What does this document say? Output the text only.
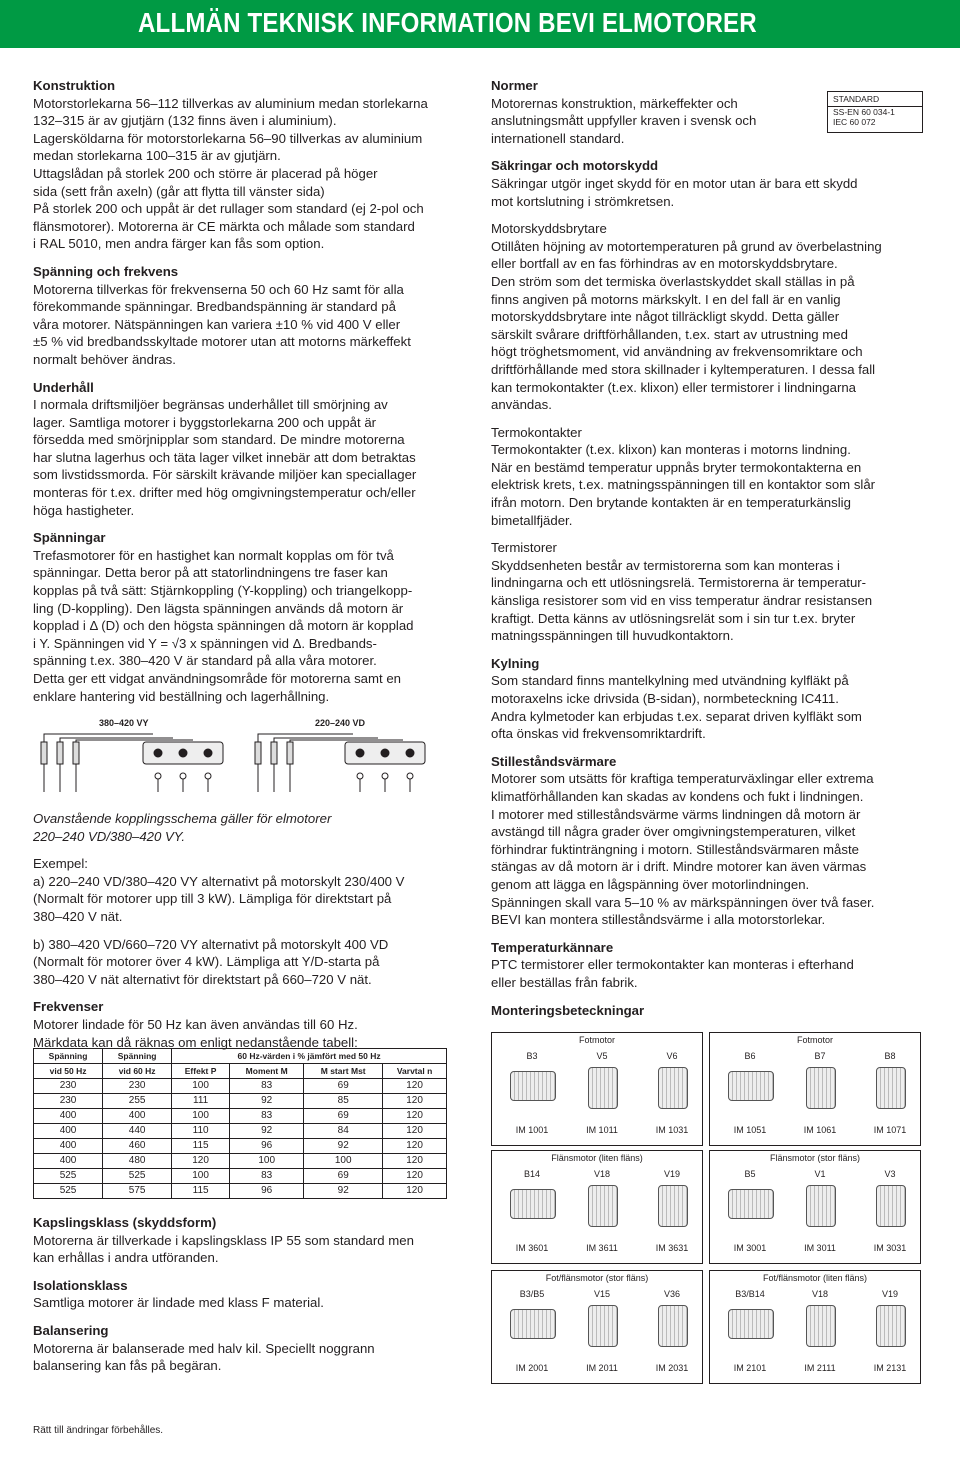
ALLMÄN TEKNISK INFORMATION BEVI ELMOTORER
Konstruktion
Motorstorlekarna 56–112 tillverkas av aluminium medan storlekarna
132–315 är av gjutjärn (132 finns även i aluminium).
Lagersköldarna för motorstorlekarna 56–90 tillverkas av aluminium
medan storlekarna 100–315 är av gjutjärn.
Uttagslådan på storlek 200 och större är placerad på höger
sida (sett från axeln) (går att flytta till vänster sida)
På storlek 200 och uppåt är det rullager som standard (ej 2-pol och
flänsmotorer). Motorerna är CE märkta och målade som standard
i RAL 5010, men andra färger kan fås som option.
Spänning och frekvens
Motorerna tillverkas för frekvenserna 50 och 60 Hz samt för alla
förekommande spänningar. Bredbandspänning är standard på
våra motorer. Nätspänningen kan variera ±10 % vid 400 V eller
±5 % vid bredbandsskyltade motorer utan att motorns märkeffekt
normalt behöver ändras.
Underhåll
I normala driftsmiljöer begränsas underhållet till smörjning av
lager. Samtliga motorer i byggstorlekarna 200 och uppåt är
försedda med smörjnipplar som standard. De mindre motorerna
har slutna lagerhus och täta lager vilket innebär att dom betraktas
som livstidssmorda. För särskilt krävande miljöer kan speciallager
monteras för t.ex. drifter med hög omgivningstemperatur och/eller
höga hastigheter.
Spänningar
Trefasmotorer för en hastighet kan normalt kopplas om för två
spänningar. Detta beror på att statorlindningens tre faser kan
kopplas på två sätt: Stjärnkoppling (Y-koppling) och triangelkopp-
ling (D-koppling). Den lägsta spänningen används då motorn är
kopplad i Δ (D) och den högsta spänningen då motorn är kopplad
i Y. Spänningen vid Y = √3 x spänningen vid Δ. Bredbands-
spänning t.ex. 380–420 V är standard på alla våra motorer.
Detta ger ett vidgat användningsområde för motorerna samt en
enklare hantering vid beställning och lagerhållning.
380–420 VY	220–240 VD
Ovanstående kopplingsschema gäller för elmotorer
220–240 VD/380–420 VY.
Exempel:
a) 220–240 VD/380–420 VY alternativt på motorskylt 230/400 V
(Normalt för motorer upp till 3 kW). Lämpliga för direktstart på
380–420 V nät.
b) 380–420 VD/660–720 VY alternativt på motorskylt 400 VD
(Normalt för motorer över 4 kW). Lämpliga att Y/D-starta på
380–420 V nät alternativt för direktstart på 660–720 V nät.
Frekvenser
Motorer lindade för 50 Hz kan även användas till 60 Hz.
Märkdata kan då räknas om enligt nedanstående tabell:
Spänning	Spänning	60 Hz-värden i % jämfört med 50 Hz			
vid 50 Hz	vid 60 Hz	Effekt P	Moment M	M start Mst	Varvtal n
230	230	100	83	69	120
230	255	111	92	85	120
400	400	100	83	69	120
400	440	110	92	84	120
400	460	115	96	92	120
400	480	120	100	100	120
525	525	100	83	69	120
525	575	115	96	92	120
Kapslingsklass (skyddsform)
Motorerna är tillverkade i kapslingsklass IP 55 som standard men
kan erhållas i andra utföranden.
Isolationsklass
Samtliga motorer är lindade med klass F material.
Balansering
Motorerna är balanserade med halv kil. Speciellt noggrann
balansering kan fås på begäran.
Rätt till ändringar förbehålles.
STANDARD
SS-EN 60 034-1
IEC 60 072
Normer
Motorernas konstruktion, märkeffekter och
anslutningsmått uppfyller kraven i svensk och
internationell standard.
Säkringar och motorskydd
Säkringar utgör inget skydd för en motor utan är bara ett skydd
mot kortslutning i strömkretsen.
Motorskyddsbrytare
Otillåten höjning av motortemperaturen på grund av överbelastning
eller bortfall av en fas förhindras av en motorskyddsbrytare.
Den ström som det termiska överlastskyddet skall ställas in på
finns angiven på motorns märkskylt. I en del fall är en vanlig
motorskyddsbrytare inte något tillräckligt skydd. Detta gäller
särskilt svårare driftförhållanden, t.ex. start av utrustning med
högt tröghetsmoment, vid användning av frekvensomriktare och
driftförhållande med stora skillnader i kyltemperaturen. I dessa fall
kan termokontakter (t.ex. klixon) eller termistorer i lindningarna
användas.
Termokontakter
Termokontakter (t.ex. klixon) kan monteras i motorns lindning.
När en bestämd temperatur uppnås bryter termokontakterna en
elektrisk krets, t.ex. matningsspänningen till en kontaktor som slår
ifrån motorn. Den brytande kontakten är en temperaturkänslig
bimetallfjäder.
Termistorer
Skyddsenheten består av termistorerna som kan monteras i
lindningarna och ett utlösningsrelä. Termistorerna är temperatur-
känsliga resistorer som vid en viss temperatur ändrar resistansen
kraftigt. Detta känns av utlösningsrelät som i sin tur t.ex. bryter
matningsspänningen till huvudkontaktorn.
Kylning
Som standard finns mantelkylning med utvändning kylfläkt på
motoraxelns icke drivsida (B-sidan), normbeteckning IC411.
Andra kylmetoder kan erbjudas t.ex. separat driven kylfläkt som
ofta önskas vid frekvensomriktardrift.
Stilleståndsvärmare
Motorer som utsätts för kraftiga temperaturväxlingar eller extrema
klimatförhållanden kan skadas av kondens och fukt i lindningen.
I motorer med stilleståndsvärme värms lindningen då motorn är
avstängd till några grader över omgivningstemperaturen, vilket
förhindrar fuktinträngning i motorn. Stilleståndsvärmaren måste
stängas av då motorn är i drift. Mindre motorer kan även värmas
genom att lägga en lågspänning över motorlindningen.
Spänningen skall vara 5–10 % av märkspänningen över två faser.
BEVI kan montera stilleståndsvärme i alla motorstorlekar.
Temperaturkännare
PTC termistorer eller termokontakter kan monteras i efterhand
eller beställas från fabrik.
Monteringsbeteckningar
Fotmotor
B3
IM 1001
V5
IM 1011
V6
IM 1031
Fotmotor
B6
IM 1051
B7
IM 1061
B8
IM 1071
Flänsmotor (liten fläns)
B14
IM 3601
V18
IM 3611
V19
IM 3631
Flänsmotor (stor fläns)
B5
IM 3001
V1
IM 3011
V3
IM 3031
Fot/flänsmotor (stor fläns)
B3/B5
IM 2001
V15
IM 2011
V36
IM 2031
Fot/flänsmotor (liten fläns)
B3/B14
IM 2101
V18
IM 2111
V19
IM 2131
